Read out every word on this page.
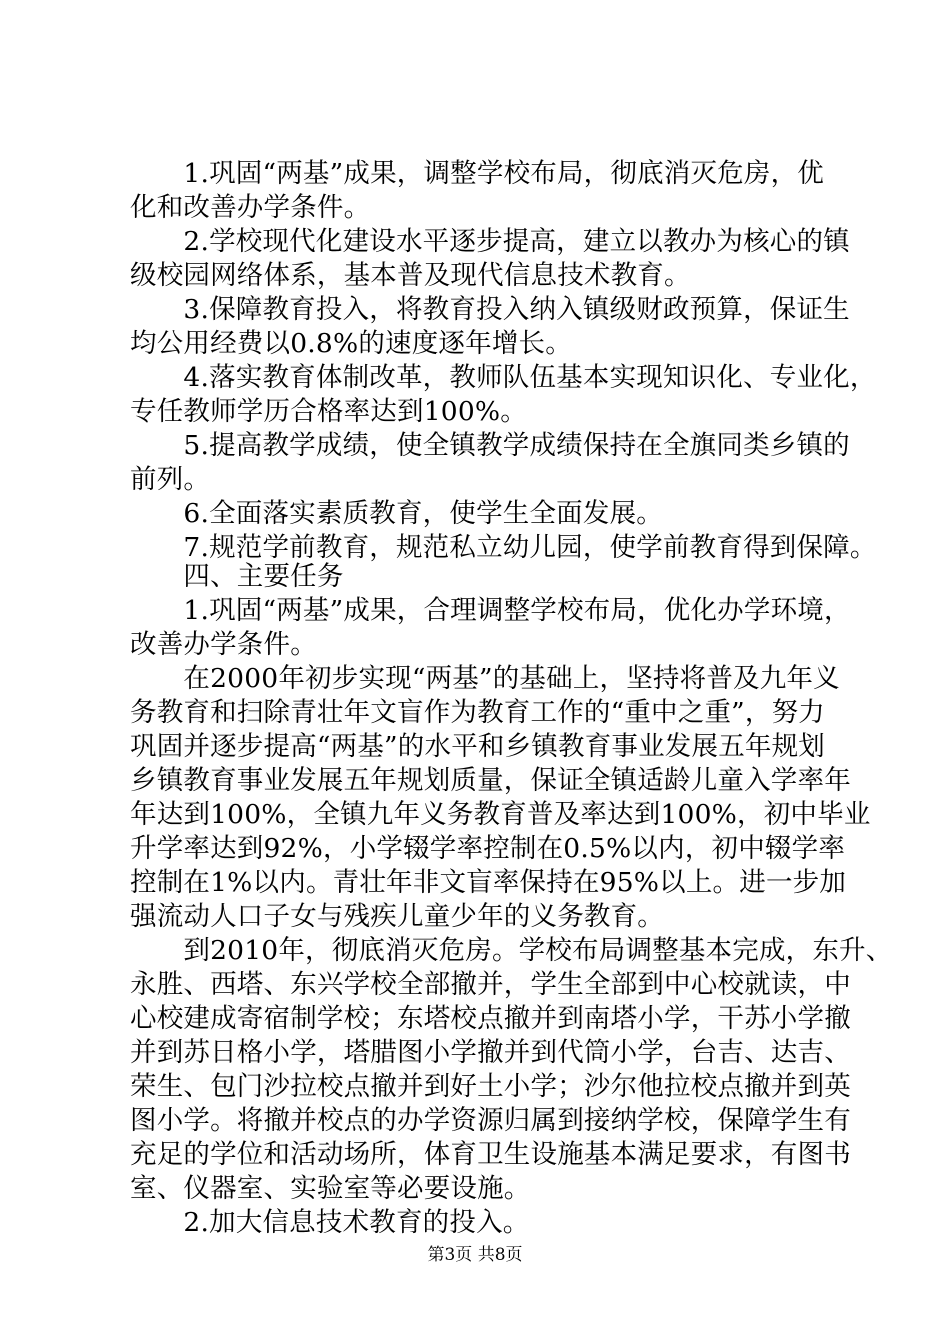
　　1.巩固“两基”成果，调整学校布局，彻底消灭危房，优
化和改善办学条件。
　　2.学校现代化建设水平逐步提高，建立以教办为核心的镇
级校园网络体系，基本普及现代信息技术教育。
　　3.保障教育投入，将教育投入纳入镇级财政预算，保证生
均公用经费以0.8%的速度逐年增长。
　　4.落实教育体制改革，教师队伍基本实现知识化、专业化，
专任教师学历合格率达到100%。
　　5.提高教学成绩，使全镇教学成绩保持在全旗同类乡镇的
前列。
　　6.全面落实素质教育，使学生全面发展。
　　7.规范学前教育，规范私立幼儿园，使学前教育得到保障。
　　四、主要任务
　　1.巩固“两基”成果，合理调整学校布局，优化办学环境，
改善办学条件。
　　在2000年初步实现“两基”的基础上，坚持将普及九年义
务教育和扫除青壮年文盲作为教育工作的“重中之重”，努力
巩固并逐步提高“两基”的水平和乡镇教育事业发展五年规划
乡镇教育事业发展五年规划质量，保证全镇适龄儿童入学率年
年达到100%，全镇九年义务教育普及率达到100%，初中毕业
升学率达到92%，小学辍学率控制在0.5%以内，初中辍学率
控制在1%以内。青壮年非文盲率保持在95%以上。进一步加
强流动人口子女与残疾儿童少年的义务教育。
　　到2010年，彻底消灭危房。学校布局调整基本完成，东升、
永胜、西塔、东兴学校全部撤并，学生全部到中心校就读，中
心校建成寄宿制学校；东塔校点撤并到南塔小学，干苏小学撤
并到苏日格小学，塔腊图小学撤并到代筒小学，台吉、达吉、
荣生、包门沙拉校点撤并到好土小学；沙尔他拉校点撤并到英
图小学。将撤并校点的办学资源归属到接纳学校，保障学生有
充足的学位和活动场所，体育卫生设施基本满足要求，有图书
室、仪器室、实验室等必要设施。
第3页 共8页
　　2.加大信息技术教育的投入。
